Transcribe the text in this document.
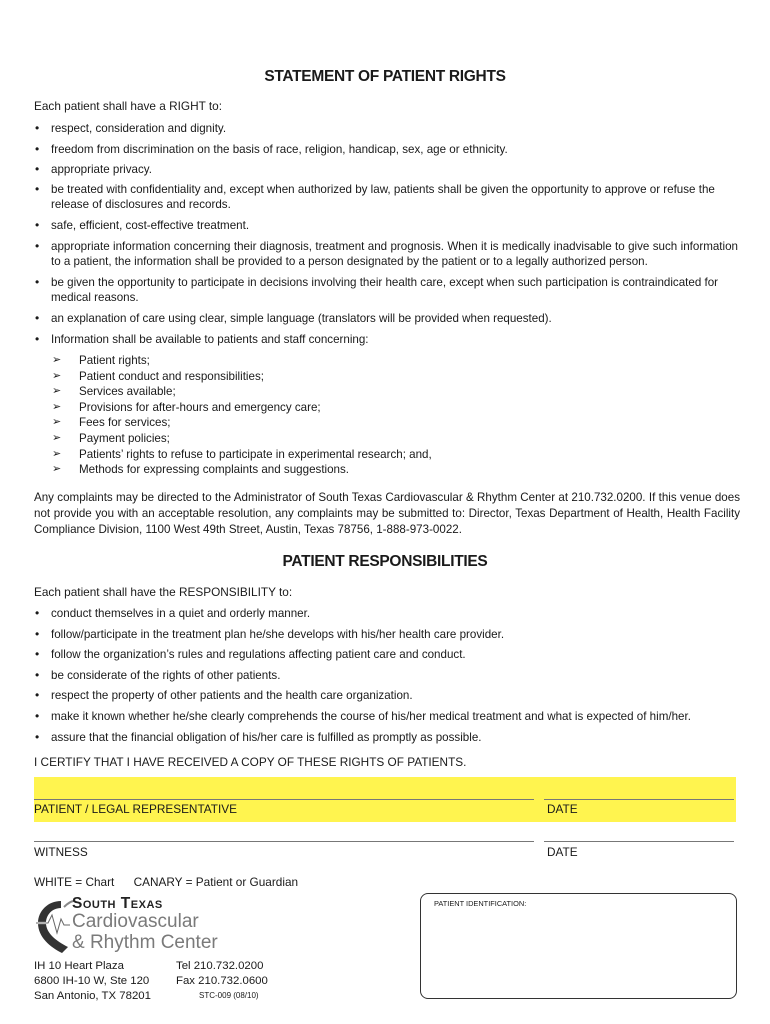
STATEMENT OF PATIENT RIGHTS
Each patient shall have a RIGHT to:
• respect, consideration and dignity.
• freedom from discrimination on the basis of race, religion, handicap, sex, age or ethnicity.
• appropriate privacy.
• be treated with confidentiality and, except when authorized by law, patients shall be given the opportunity to approve or refuse the release of disclosures and records.
• safe, efficient, cost-effective treatment.
• appropriate information concerning their diagnosis, treatment and prognosis. When it is medically inadvisable to give such information to a patient, the information shall be provided to a person designated by the patient or to a legally authorized person.
• be given the opportunity to participate in decisions involving their health care, except when such participation is contraindicated for medical reasons.
• an explanation of care using clear, simple language (translators will be provided when requested).
• Information shall be available to patients and staff concerning:
➢ Patient rights;
➢ Patient conduct and responsibilities;
➢ Services available;
➢ Provisions for after-hours and emergency care;
➢ Fees for services;
➢ Payment policies;
➢ Patients’ rights to refuse to participate in experimental research; and,
➢ Methods for expressing complaints and suggestions.
Any complaints may be directed to the Administrator of South Texas Cardiovascular & Rhythm Center at 210.732.0200. If this venue does not provide you with an acceptable resolution, any complaints may be submitted to: Director, Texas Department of Health, Health Facility Compliance Division, 1100 West 49th Street, Austin, Texas 78756, 1-888-973-0022.
PATIENT RESPONSIBILITIES
Each patient shall have the RESPONSIBILITY to:
• conduct themselves in a quiet and orderly manner.
• follow/participate in the treatment plan he/she develops with his/her health care provider.
• follow the organization’s rules and regulations affecting patient care and conduct.
• be considerate of the rights of other patients.
• respect the property of other patients and the health care organization.
• make it known whether he/she clearly comprehends the course of his/her medical treatment and what is expected of him/her.
• assure that the financial obligation of his/her care is fulfilled as promptly as possible.
I CERTIFY THAT I HAVE RECEIVED A COPY OF THESE RIGHTS OF PATIENTS.
PATIENT / LEGAL REPRESENTATIVE	DATE
WITNESS	DATE
WHITE = Chart CANARY = Patient or Guardian
South Texas
Cardiovascular
& Rhythm Center
IH 10 Heart Plaza
6800 IH-10 W, Ste 120
San Antonio, TX 78201
Tel 210.732.0200
Fax 210.732.0600
STC-009 (08/10)
PATIENT IDENTIFICATION:
